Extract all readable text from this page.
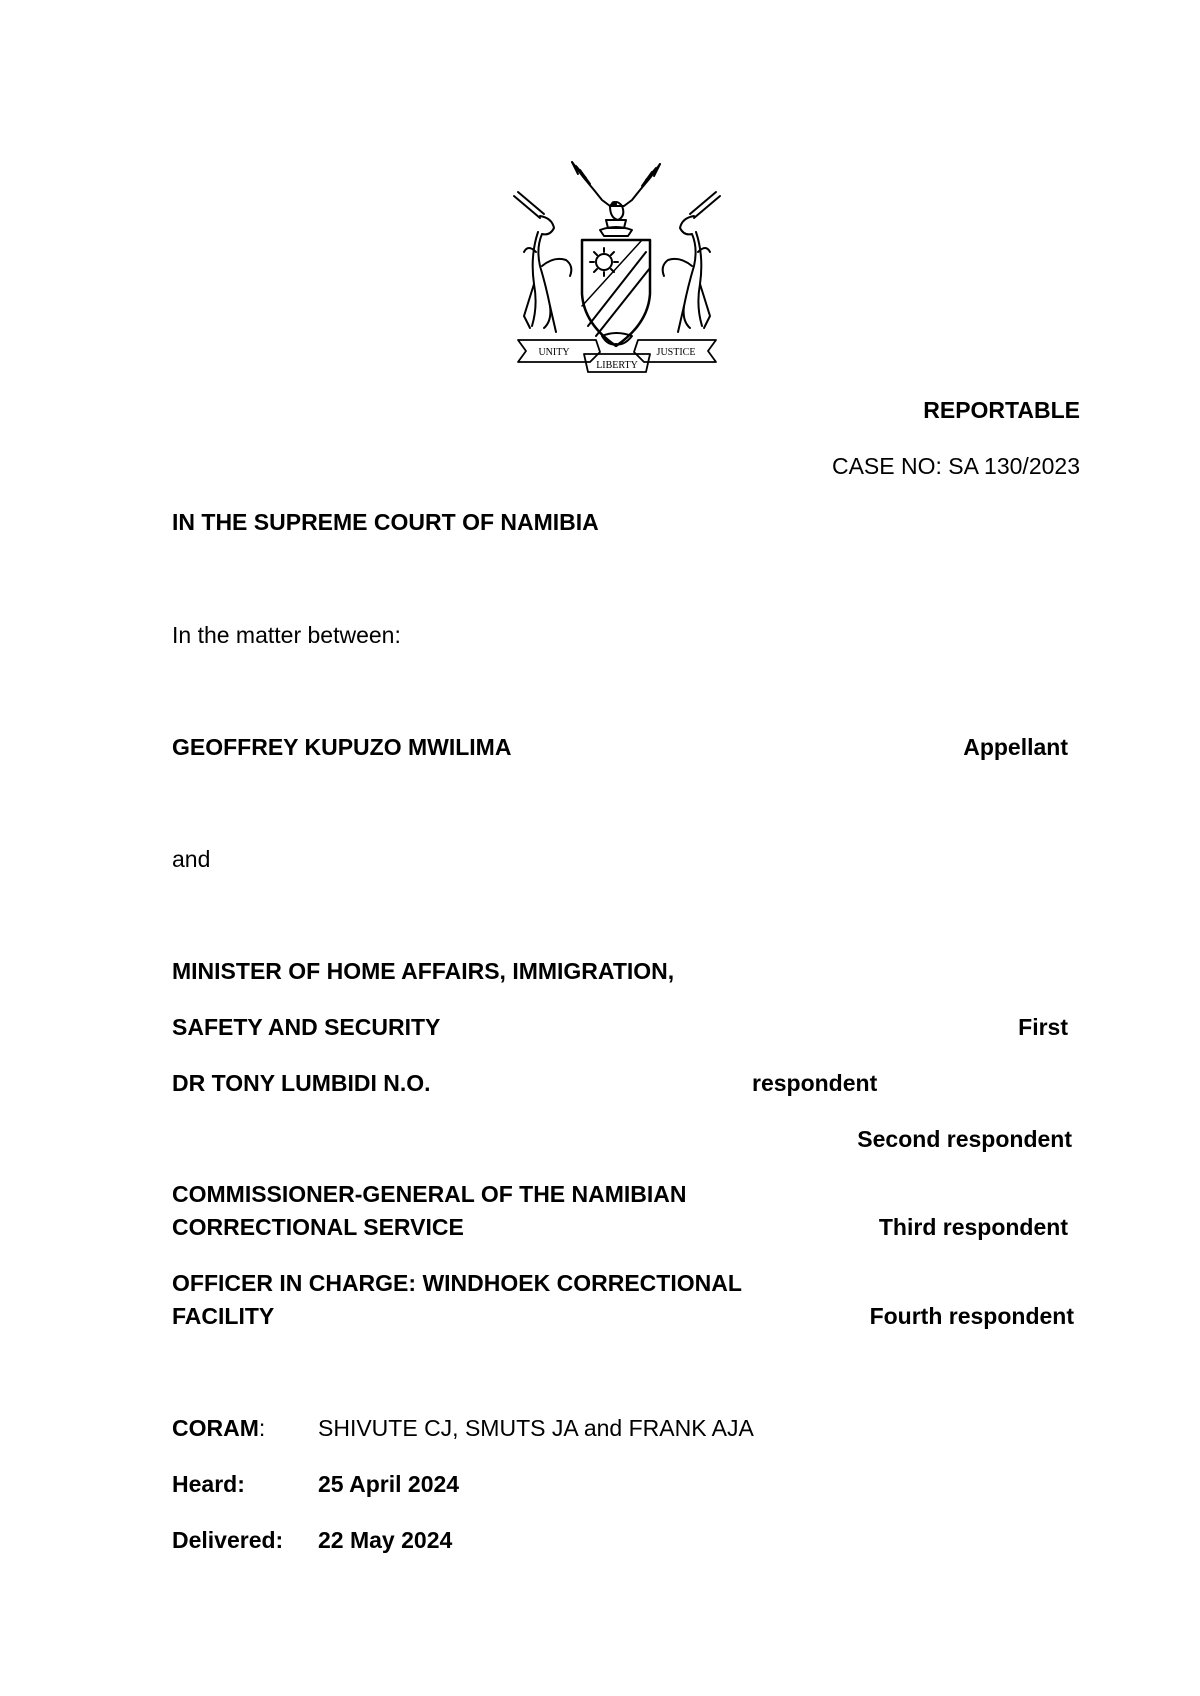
UNITY	JUSTICE
LIBERTY
REPORTABLE
CASE NO: SA 130/2023
IN THE SUPREME COURT OF NAMIBIA
In the matter between:
GEOFFREY KUPUZO MWILIMA	Appellant
and
MINISTER OF HOME AFFAIRS, IMMIGRATION,
SAFETY AND SECURITY	First
DR TONY LUMBIDI N.O.	respondent
Second respondent
COMMISSIONER-GENERAL OF THE NAMIBIAN
CORRECTIONAL SERVICE	Third respondent
OFFICER IN CHARGE: WINDHOEK CORRECTIONAL
FACILITY	Fourth respondent
CORAM: SHIVUTE CJ, SMUTS JA and FRANK AJA
Heard:	25 April 2024
Delivered: 22 May 2024
